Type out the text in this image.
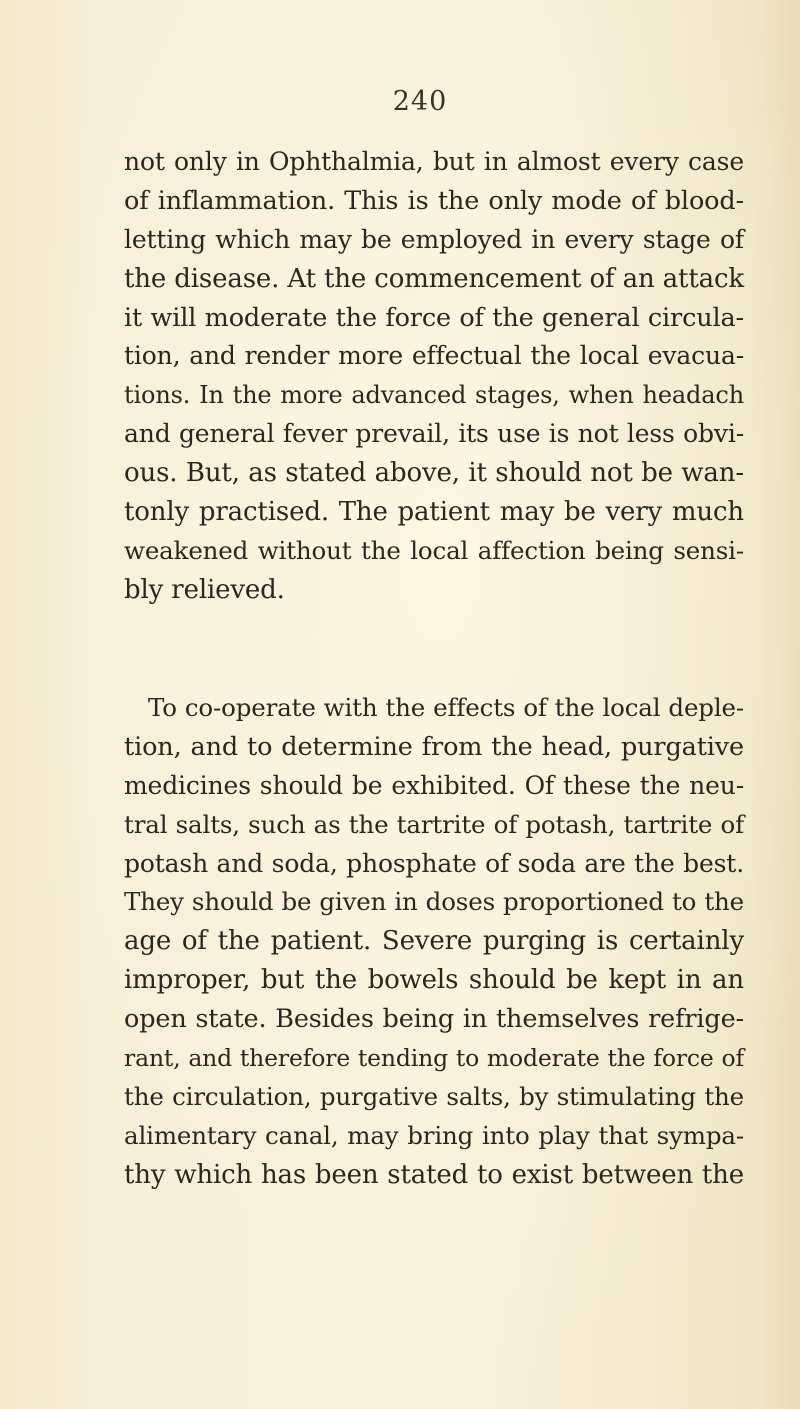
240
not only in Ophthalmia, but in almost every case
of inflammation. This is the only mode of blood-
letting which may be employed in every stage of
the disease. At the commencement of an attack
it will moderate the force of the general circula-
tion, and render more effectual the local evacua-
tions. In the more advanced stages, when headach
and general fever prevail, its use is not less obvi-
ous. But, as stated above, it should not be wan-
tonly practised. The patient may be very much
weakened without the local affection being sensi-
bly relieved.
To co-operate with the effects of the local deple-
tion, and to determine from the head, purgative
medicines should be exhibited. Of these the neu-
tral salts, such as the tartrite of potash, tartrite of
potash and soda, phosphate of soda are the best.
They should be given in doses proportioned to the
age of the patient. Severe purging is certainly
improper, but the bowels should be kept in an
open state. Besides being in themselves refrige-
rant, and therefore tending to moderate the force of
the circulation, purgative salts, by stimulating the
alimentary canal, may bring into play that sympa-
thy which has been stated to exist between the
